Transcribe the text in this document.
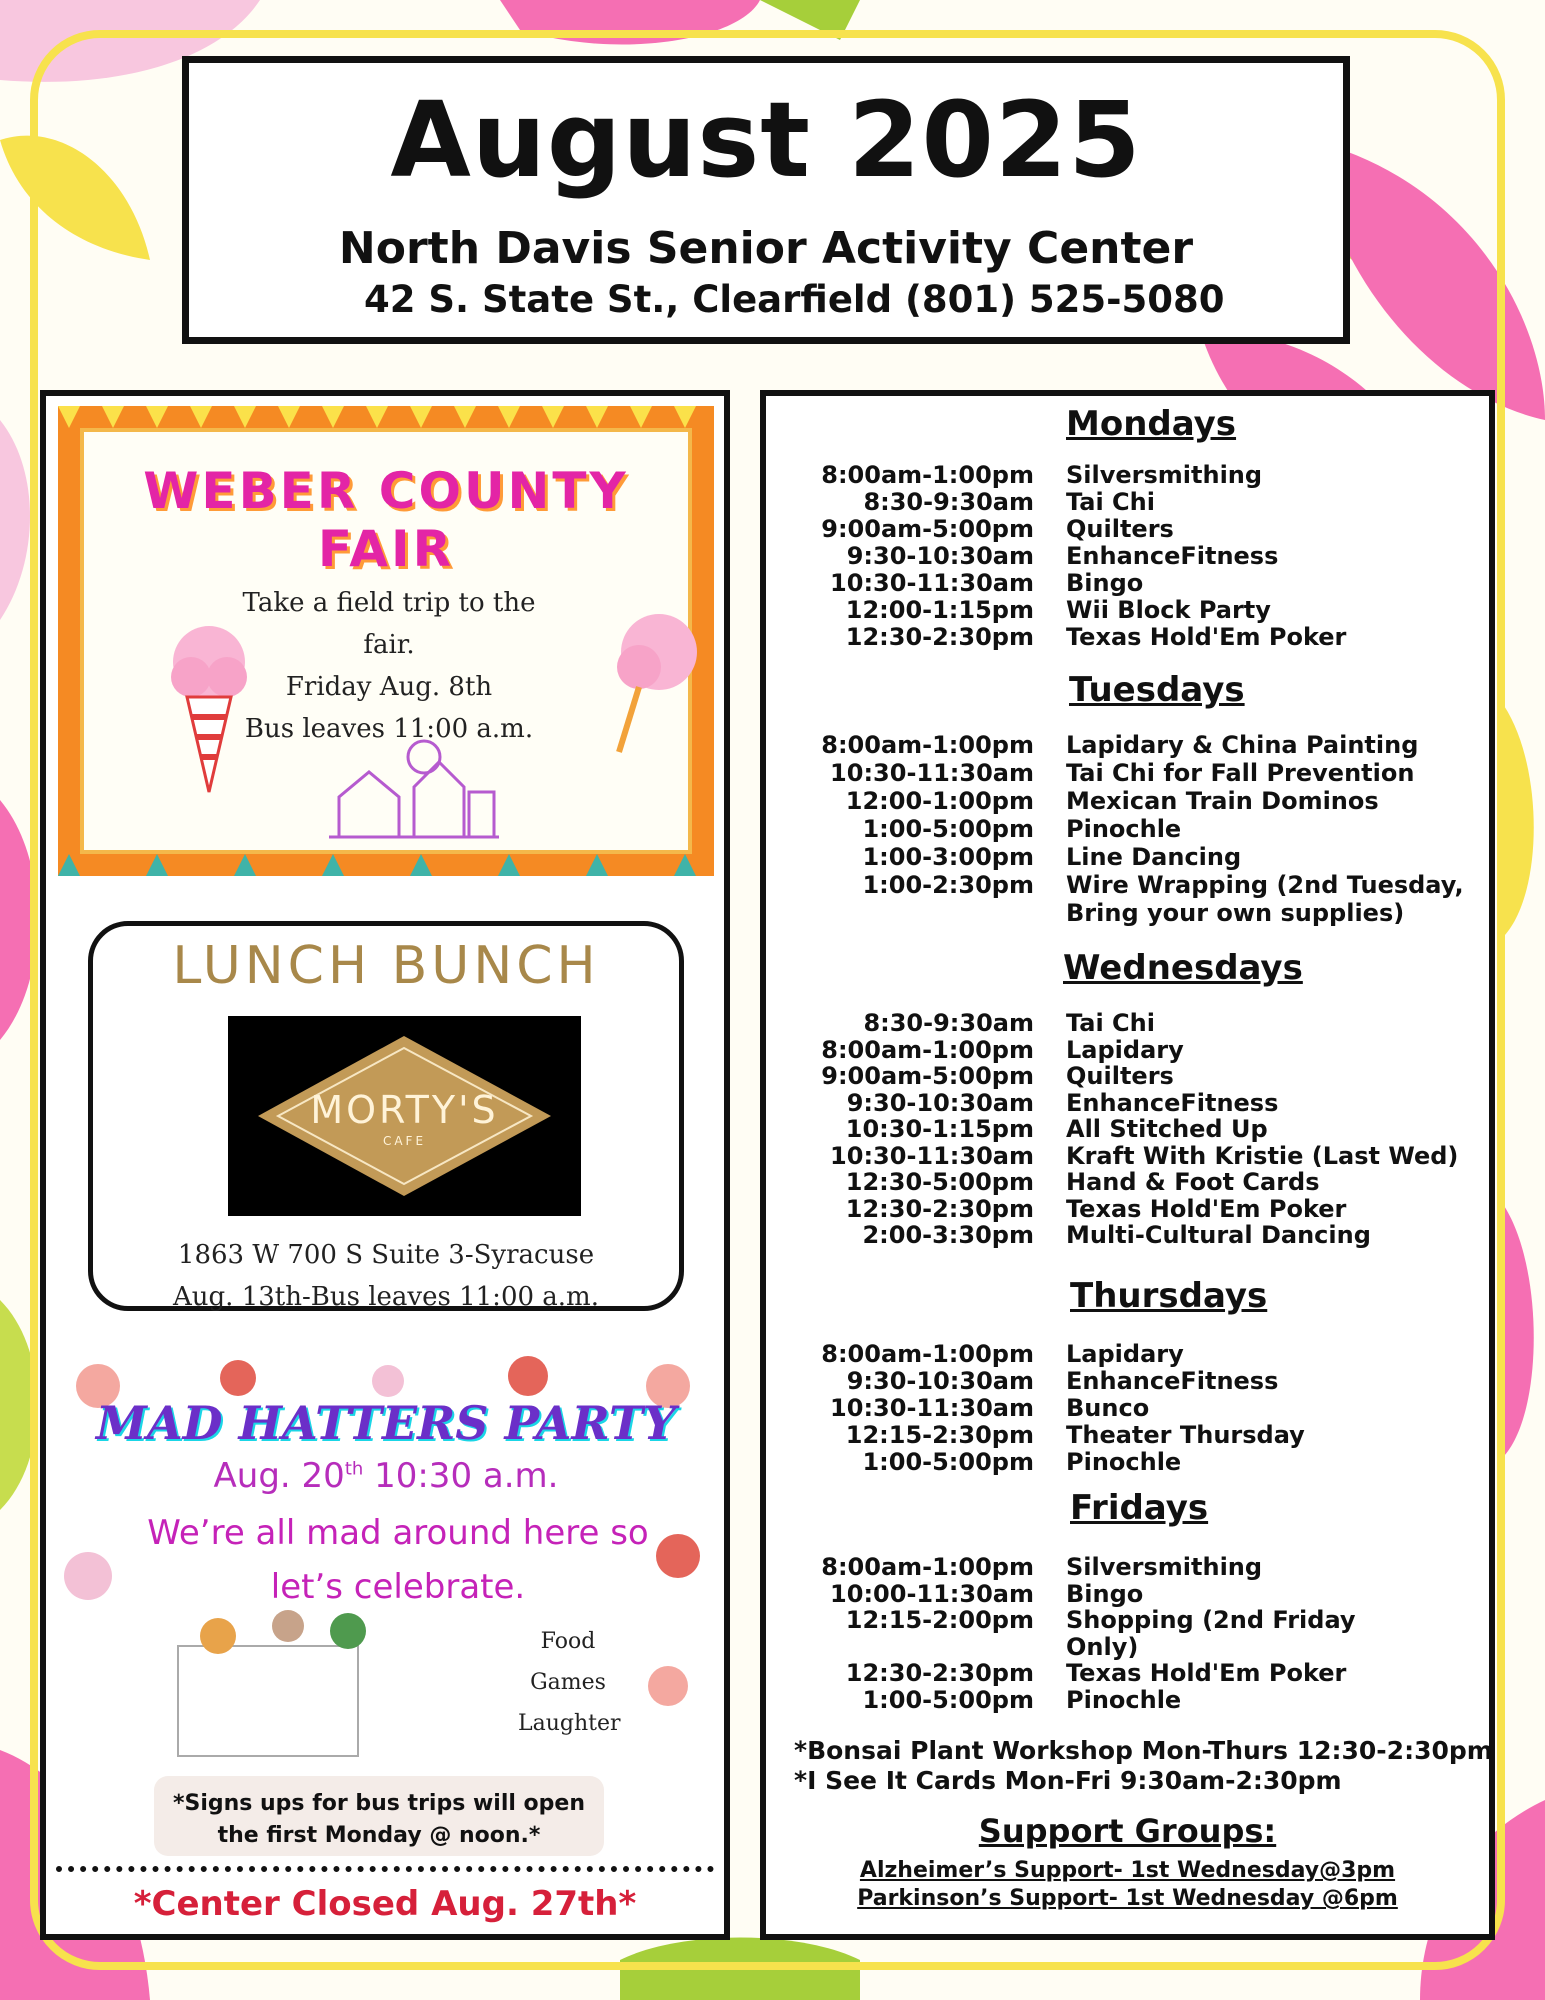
August 2025
North Davis Senior Activity Center
42 S. State St., Clearfield (801) 525-5080
WEBER COUNTY
FAIR
Take a field trip to the
fair.
Friday Aug. 8th
Bus leaves 11:00 a.m.
LUNCH BUNCH
MORTY'S
CAFE
1863 W 700 S Suite 3-Syracuse
Aug. 13th-Bus leaves 11:00 a.m.
MAD HATTERS PARTY
Aug. 20th 10:30 a.m.
We’re all mad around here so let’s celebrate.
Food
Games
Laughter
*Signs ups for bus trips will open the first Monday @ noon.*
*Center Closed Aug. 27th*
Mondays
Tuesdays
Wednesdays
Thursdays
Fridays
*Bonsai Plant Workshop Mon-Thurs 12:30-2:30pm
*I See It Cards Mon-Fri 9:30am-2:30pm
Support Groups:
Alzheimer’s Support- 1st Wednesday@3pm
Parkinson’s Support- 1st Wednesday @6pm
8:00am-1:00pm Silversmithing
8:30-9:30am Tai Chi
9:00am-5:00pm Quilters
9:30-10:30am EnhanceFitness
10:30-11:30am Bingo
12:00-1:15pm Wii Block Party
12:30-2:30pm Texas Hold'Em Poker
8:00am-1:00pm Lapidary & China Painting
10:30-11:30am Tai Chi for Fall Prevention
12:00-1:00pm Mexican Train Dominos
1:00-5:00pm Pinochle
1:00-3:00pm Line Dancing
1:00-2:30pm Wire Wrapping (2nd Tuesday,
Bring your own supplies)
8:30-9:30am Tai Chi
8:00am-1:00pm Lapidary
9:00am-5:00pm Quilters
9:30-10:30am EnhanceFitness
10:30-1:15pm All Stitched Up
10:30-11:30am Kraft With Kristie (Last Wed)
12:30-5:00pm Hand & Foot Cards
12:30-2:30pm Texas Hold'Em Poker
2:00-3:30pm Multi-Cultural Dancing
8:00am-1:00pm Lapidary
9:30-10:30am EnhanceFitness
10:30-11:30am Bunco
12:15-2:30pm Theater Thursday
1:00-5:00pm Pinochle
8:00am-1:00pm Silversmithing
10:00-11:30am Bingo
12:15-2:00pm Shopping (2nd Friday
Only)
12:30-2:30pm Texas Hold'Em Poker
1:00-5:00pm Pinochle
